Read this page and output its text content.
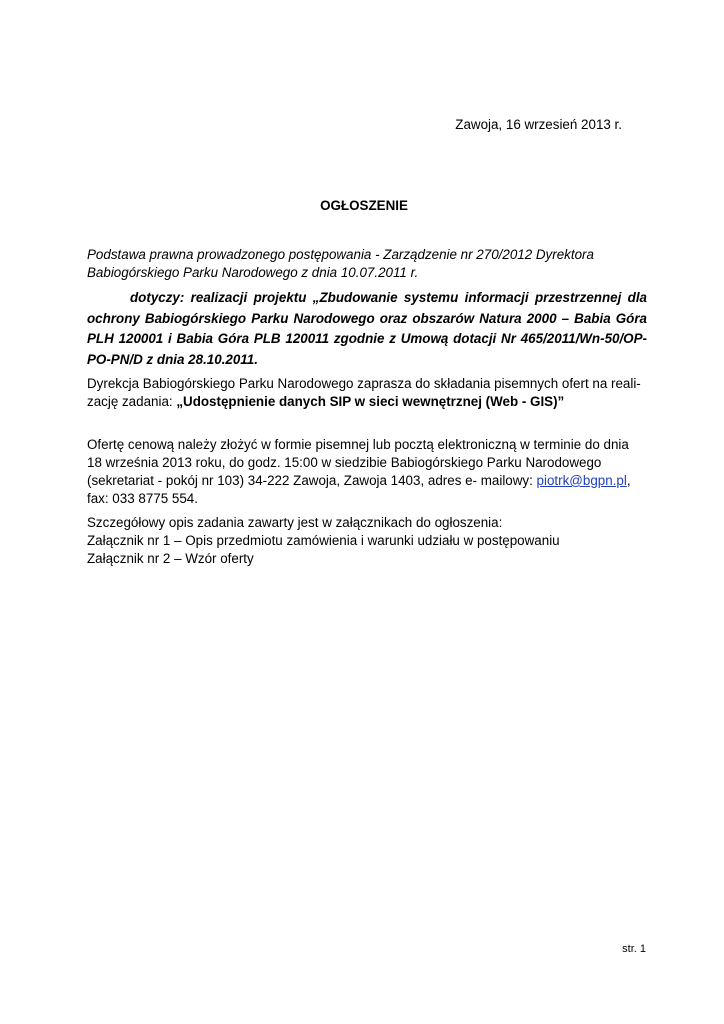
Zawoja, 16 wrzesień 2013 r.
OGŁOSZENIE
Podstawa prawna prowadzonego postępowania - Zarządzenie nr 270/2012 Dyrektora
Babiogórskiego Parku Narodowego z dnia 10.07.2011 r.
dotyczy: realizacji projektu „Zbudowanie systemu informacji przestrzennej dla
ochrony Babiogórskiego Parku Narodowego oraz obszarów Natura 2000 – Babia Góra
PLH 120001 i Babia Góra PLB 120011 zgodnie z Umową dotacji Nr 465/2011/Wn-50/OP-
PO-PN/D z dnia 28.10.2011.
Dyrekcja Babiogórskiego Parku Narodowego zaprasza do składania pisemnych ofert na reali-
zację zadania: „Udostępnienie danych SIP w sieci wewnętrznej (Web - GIS)”
Ofertę cenową należy złożyć w formie pisemnej lub pocztą elektroniczną w terminie do dnia
18 września 2013 roku, do godz. 15:00 w siedzibie Babiogórskiego Parku Narodowego
(sekretariat - pokój nr 103) 34-222 Zawoja, Zawoja 1403, adres e- mailowy: piotrk@bgpn.pl,
fax: 033 8775 554.
Szczegółowy opis zadania zawarty jest w załącznikach do ogłoszenia:
Załącznik nr 1 – Opis przedmiotu zamówienia i warunki udziału w postępowaniu
Załącznik nr 2 – Wzór oferty
str. 1
